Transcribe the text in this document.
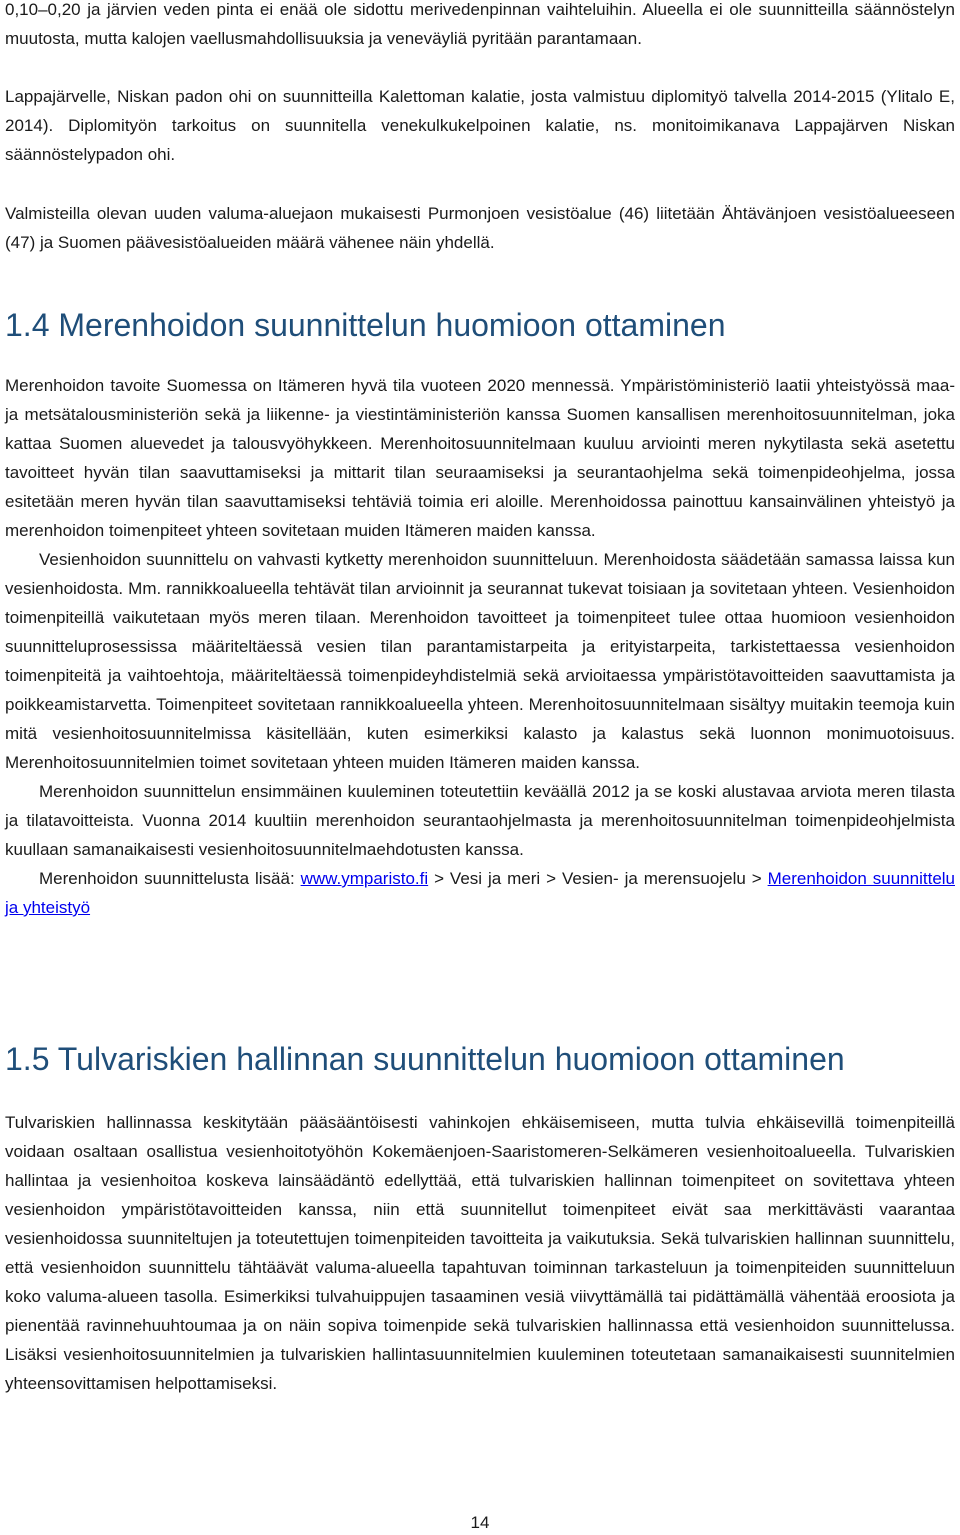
0,10–0,20 ja järvien veden pinta ei enää ole sidottu merivedenpinnan vaihteluihin. Alueella ei ole suunnitteilla säännöstelyn muutosta, mutta kalojen vaellusmahdollisuuksia ja veneväyliä pyritään parantamaan.

Lappajärvelle, Niskan padon ohi on suunnitteilla Kalettoman kalatie, josta valmistuu diplomityö talvella 2014-2015 (Ylitalo E, 2014). Diplomityön tarkoitus on suunnitella venekulkukelpoinen kalatie, ns. monitoimikanava Lappajärven Niskan säännöstelypadon ohi.

Valmisteilla olevan uuden valuma-aluejaon mukaisesti Purmonjoen vesistöalue (46) liitetään Ähtävänjoen vesistöalueeseen (47) ja Suomen päävesistöalueiden määrä vähenee näin yhdellä.

1.4 Merenhoidon suunnittelun huomioon ottaminen

Merenhoidon tavoite Suomessa on Itämeren hyvä tila vuoteen 2020 mennessä. Ympäristöministeriö laatii yhteistyössä maa- ja metsätalousministeriön sekä ja liikenne- ja viestintäministeriön kanssa Suomen kansallisen merenhoitosuunnitelman, joka kattaa Suomen aluevedet ja talousvyöhykkeen. Merenhoitosuunnitelmaan kuuluu arviointi meren nykytilasta sekä asetettu tavoitteet hyvän tilan saavuttamiseksi ja mittarit tilan seuraamiseksi ja seurantaohjelma sekä toimenpideohjelma, jossa esitetään meren hyvän tilan saavuttamiseksi tehtäviä toimia eri aloille. Merenhoidossa painottuu kansainvälinen yhteistyö ja merenhoidon toimenpiteet yhteen sovitetaan muiden Itämeren maiden kanssa.

Vesienhoidon suunnittelu on vahvasti kytketty merenhoidon suunnitteluun. Merenhoidosta säädetään samassa laissa kun vesienhoidosta. Mm. rannikkoalueella tehtävät tilan arvioinnit ja seurannat tukevat toisiaan ja sovitetaan yhteen. Vesienhoidon toimenpiteillä vaikutetaan myös meren tilaan. Merenhoidon tavoitteet ja toimenpiteet tulee ottaa huomioon vesienhoidon suunnitteluprosessissa määriteltäessä vesien tilan parantamistarpeita ja erityistarpeita, tarkistettaessa vesienhoidon toimenpiteitä ja vaihtoehtoja, määriteltäessä toimenpideyhdistelmiä sekä arvioitaessa ympäristötavoitteiden saavuttamista ja poikkeamistarvetta. Toimenpiteet sovitetaan rannikkoalueella yhteen. Merenhoitosuunnitelmaan sisältyy muitakin teemoja kuin mitä vesienhoitosuunnitelmissa käsitellään, kuten esimerkiksi kalasto ja kalastus sekä luonnon monimuotoisuus. Merenhoitosuunnitelmien toimet sovitetaan yhteen muiden Itämeren maiden kanssa.

Merenhoidon suunnittelun ensimmäinen kuuleminen toteutettiin keväällä 2012 ja se koski alustavaa arviota meren tilasta ja tilatavoitteista. Vuonna 2014 kuultiin merenhoidon seurantaohjelmasta ja merenhoitosuunnitelman toimenpideohjelmista kuullaan samanaikaisesti vesienhoitosuunnitelmaehdotusten kanssa.

Merenhoidon suunnittelusta lisää: www.ymparisto.fi > Vesi ja meri > Vesien- ja merensuojelu > Merenhoidon suunnittelu ja yhteistyö

1.5 Tulvariskien hallinnan suunnittelun huomioon ottaminen

Tulvariskien hallinnassa keskitytään pääsääntöisesti vahinkojen ehkäisemiseen, mutta tulvia ehkäisevillä toimenpiteillä voidaan osaltaan osallistua vesienhoitotyöhön Kokemäenjoen-Saaristomeren-Selkämeren vesienhoitoalueella. Tulvariskien hallintaa ja vesienhoitoa koskeva lainsäädäntö edellyttää, että tulvariskien hallinnan toimenpiteet on sovitettava yhteen vesienhoidon ympäristötavoitteiden kanssa, niin että suunnitellut toimenpiteet eivät saa merkittävästi vaarantaa vesienhoidossa suunniteltujen ja toteutettujen toimenpiteiden tavoitteita ja vaikutuksia. Sekä tulvariskien hallinnan suunnittelu, että vesienhoidon suunnittelu tähtäävät valuma-alueella tapahtuvan toiminnan tarkasteluun ja toimenpiteiden suunnitteluun koko valuma-alueen tasolla. Esimerkiksi tulvahuippujen tasaaminen vesiä viivyttämällä tai pidättämällä vähentää eroosiota ja pienentää ravinnehuuhtoumaa ja on näin sopiva toimenpide sekä tulvariskien hallinnassa että vesienhoidon suunnittelussa. Lisäksi vesienhoitosuunnitelmien ja tulvariskien hallintasuunnitelmien kuuleminen toteutetaan samanaikaisesti suunnitelmien yhteensovittamisen helpottamiseksi.

14
